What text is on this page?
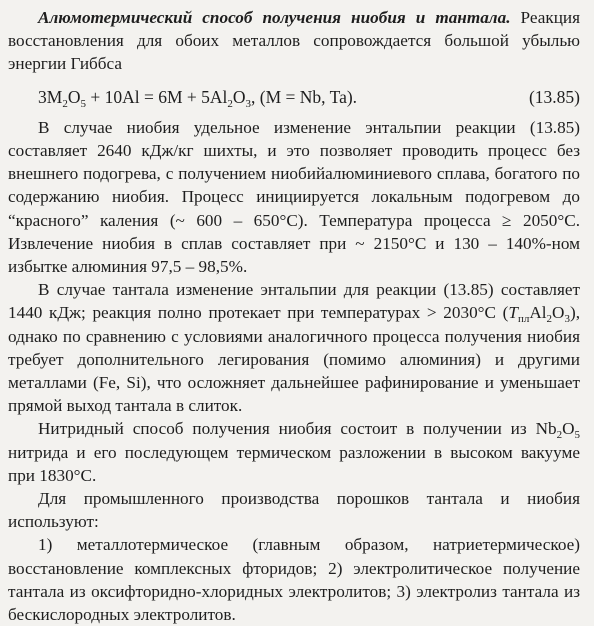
Алюмотермический способ получения ниобия и тантала. Реакция восстановления для обоих металлов сопровождается большой убылью энергии Гиббса

$3M_2O_5 + 10Al = 6M + 5Al_2O_3$, (M = Nb, Ta).	(13.85)

В случае ниобия удельное изменение энтальпии реакции (13.85) составляет 2640 кДж/кг шихты, и это позволяет проводить процесс без внешнего подогрева, с получением ниобийалюминиевого сплава, богатого по содержанию ниобия. Процесс инициируется локальным подогревом до “красного” каления (~ 600 – 650°С). Температура процесса ≥ 2050°С. Извлечение ниобия в сплав составляет при ~ 2150°С и 130 – 140%-ном избытке алюминия 97,5 – 98,5%.

В случае тантала изменение энтальпии для реакции (13.85) составляет 1440 кДж; реакция полно протекает при температурах > 2030°С $(T_{пл}Al_2O_3)$, однако по сравнению с условиями аналогичного процесса получения ниобия требует дополнительного легирования (помимо алюминия) и другими металлами (Fe, Si), что осложняет дальнейшее рафинирование и уменьшает прямой выход тантала в слиток.

Нитридный способ получения ниобия состоит в получении из $Nb_2O_5$ нитрида и его последующем термическом разложении в высоком вакууме при 1830°С.

Для промышленного производства порошков тантала и ниобия используют:

1) металлотермическое (главным образом, натриетермическое) восстановление комплексных фторидов; 2) электролитическое получение тантала из оксифторидно-хлоридных электролитов; 3) электролиз тантала из бескислородных электролитов.
